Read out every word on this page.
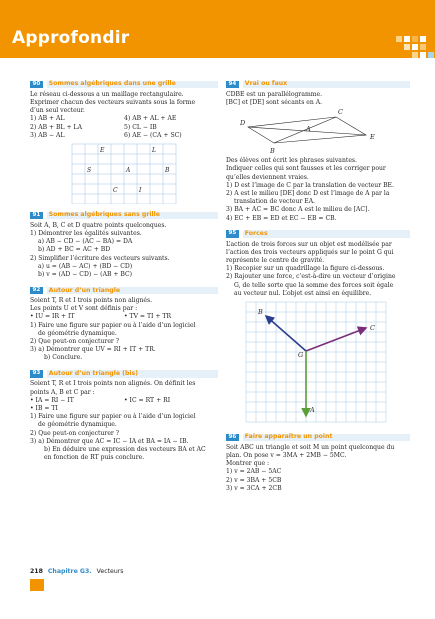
Approfondir
90	Sommes algébriques dans une grille

Le réseau ci-dessous a un maillage rectangulaire.

Exprimer chacun des vecteurs suivants sous la forme

d’un seul vecteur.

1) AB + AL	4) AB + AL + AE

2) AB + BL + LA	5) CL − IB

3) AB − AL	6) AE − (CA + SC)

E	L
S	A	B
C	I
91	Sommes algébriques sans grille

Soit A, B, C et D quatre points quelconques.

1) Démontrer les égalités suivantes.

a) AB − CD − (AC − BA) = DA

b) AD + BC = AC + BD

2) Simplifier l’écriture des vecteurs suivants.

a) u = (AB − AC) + (BD − CD)

b) v = (AD − CD) − (AB + BC)

92	Autour d’un triangle

Soient T, R et I trois points non alignés.

Les points U et V sont définis par :

• IU = IR + IT	• TV = TI + TR

1) Faire une figure sur papier ou à l’aide d’un logiciel

de géométrie dynamique.

2) Que peut-on conjecturer ?

3) a) Démontrer que UV = RI + IT + TR.

b) Conclure.

93	Autour d’un triangle (bis)

Soient T, R et I trois points non alignés. On définit les

points A, B et C par :

• IA = RI − IT	• IC = RT + RI

• IB = TI

1) Faire une figure sur papier ou à l’aide d’un logiciel

de géométrie dynamique.

2) Que peut-on conjecturer ?

3) a) Démontrer que AC = IC − IA et BA = IA − IB.

b) En déduire une expression des vecteurs BA et AC

en fonction de RT puis conclure.

94	Vrai ou faux

CDBE est un parallélogramme.

[BC] et [DE] sont sécants en A.

D
C
A
E
B

Des élèves ont écrit les phrases suivantes.

Indiquer celles qui sont fausses et les corriger pour

qu’elles deviennent vraies.

1) D est l’image de C par la translation de vecteur BE.

2) A est le milieu [DE] donc D est l’image de A par la

translation de vecteur EA.

3) BA + AC = BC donc A est le milieu de [AC].

4) EC + EB = ED et EC − EB = CB.

95	Forces

L’action de trois forces sur un objet est modélisée par

l’action des trois vecteurs appliqués sur le point G qui

représente le centre de gravité.

1) Recopier sur un quadrillage la figure ci-dessous.

2) Rajouter une force, c’est-à-dire un vecteur d’origine

G, de telle sorte que la somme des forces soit égale

au vecteur nul. L’objet est ainsi en équilibre.

B
C
G
A
96	Faire apparaître un point

Soit ABC un triangle et soit M un point quelconque du

plan. On pose v = 3MA + 2MB − 5MC.

Montrer que :

1) v = 2AB − 5AC

2) v = 3BA + 5CB

3) v = 3CA + 2CB

218 Chapitre G3. Vecteurs
